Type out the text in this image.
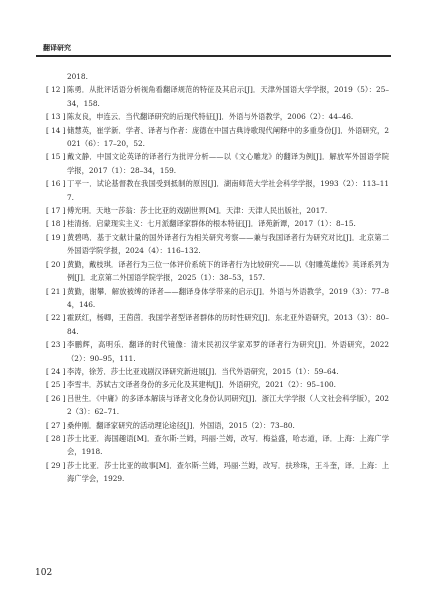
翻译研究

2018.

[ 12 ] 陈勇．从批评话语分析视角看翻译规范的特征及其启示[J]．天津外国语大学学报，2019（5）：25–34，158.

[ 13 ] 陈友良，申连云．当代翻译研究的后现代特征[J]．外语与外语教学，2006（2）：44–46.

[ 14 ] 储慧英，崔学新．学者、译者与作者：庞德在中国古典诗歌现代阐释中的多重身份[J]．外语研究，2021（6）：17–20，52.

[ 15 ] 戴文静．中国文论英译的译者行为批评分析——以《文心雕龙》的翻译为例[J]．解放军外国语学院学报，2017（1）：28–34，159.

[ 16 ] 丁平一．试论基督教在我国受到抵制的原因[J]．湖南师范大学社会科学学报，1993（2）：113–117.

[ 17 ] 傅光明．天地一莎翁：莎士比亚的戏剧世界[M]．天津：天津人民出版社，2017.

[ 18 ] 桂清扬．启蒙现实主义：七月派翻译家群体的根本特征[J]．译苑新谭，2017（1）：8–15.

[ 19 ] 黄碧鸣．基于文献计量的国外译者行为相关研究考察——兼与我国译者行为研究对比[J]．北京第二外国语学院学报，2024（4）：116–132.

[ 20 ] 黄勤，戴枝琪．译者行为三位一体评价系统下的译者行为比较研究——以《射雕英雄传》英译系列为例[J]．北京第二外国语学院学报，2025（1）：38–53，157.

[ 21 ] 黄勤，谢攀．解放被缚的译者——翻译身体学带来的启示[J]．外语与外语教学，2019（3）：77–84，146.

[ 22 ] 霍跃红，杨卿，王茵茵．我国学者型译者群体的历时性研究[J]．东北亚外语研究，2013（3）：80–84.

[ 23 ] 李鹏辉，高明乐．翻译的时代镜像：清末民初汉学家邓罗的译者行为研究[J]．外语研究，2022（2）：90–95，111.

[ 24 ] 李涛，徐芳．莎士比亚戏剧汉译研究新进展[J]．当代外语研究，2015（1）：59–64.

[ 25 ] 李雪丰．苏轼古文译者身份的多元化及其建构[J]．外语研究，2021（2）：95–100.

[ 26 ] 吕世生．《中庸》的多译本解读与译者文化身份认同研究[J]．浙江大学学报（人文社会科学版），2022（3）：62–71.

[ 27 ] 桑仲刚．翻译家研究的活动理论途径[J]．外国语，2015（2）：73–80.

[ 28 ] 莎士比亚．海国趣语[M]．查尔斯·兰姆，玛丽·兰姆，改写．梅益盛，哈志道，译．上海：上海广学会，1918.

[ 29 ] 莎士比亚．莎士比亚的故事[M]．查尔斯·兰姆，玛丽·兰姆，改写．扶珍珠，王斗奎，译．上海：上海广学会，1929.

102
